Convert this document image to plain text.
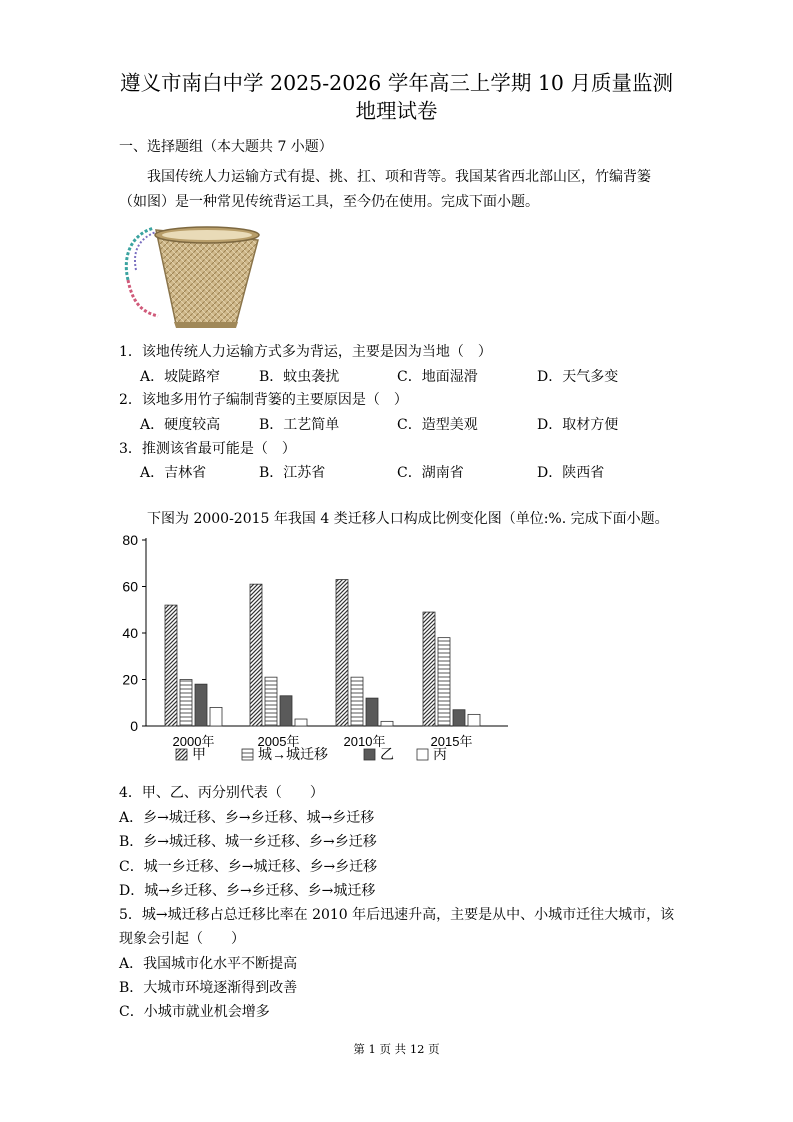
遵义市南白中学 2025-2026 学年高三上学期 10 月质量监测
地理试卷
一、选择题组（本大题共 7 小题）
我国传统人力运输方式有提、挑、扛、项和背等。我国某省西北部山区，竹编背篓
（如图）是一种常见传统背运工具，至今仍在使用。完成下面小题。
1．该地传统人力运输方式多为背运，主要是因为当地（　）
A．坡陡路窄	B．蚊虫袭扰	C．地面湿滑	D．天气多变
2．该地多用竹子编制背篓的主要原因是（　）
A．硬度较高	B．工艺简单	C．造型美观	D．取材方便
3．推测该省最可能是（　）
A．吉林省	B．江苏省	C．湖南省	D．陕西省
下图为 2000-2015 年我国 4 类迁移人口构成比例变化图（单位:%. 完成下面小题。
0
20
40
60
80
2000年	2005年	2010年	2015年
甲	城→城迁移	乙	丙
4．甲、乙、丙分别代表（　　）
A．乡→城迁移、乡→乡迁移、城→乡迁移
B．乡→城迁移、城一乡迁移、乡→乡迁移
C．城一乡迁移、乡→城迁移、乡→乡迁移
D．城→乡迁移、乡→乡迁移、乡→城迁移
5．城→城迁移占总迁移比率在 2010 年后迅速升高，主要是从中、小城市迁往大城市，该
现象会引起（　　）
A．我国城市化水平不断提高
B．大城市环境逐渐得到改善
C．小城市就业机会增多
第 1 页 共 12 页
